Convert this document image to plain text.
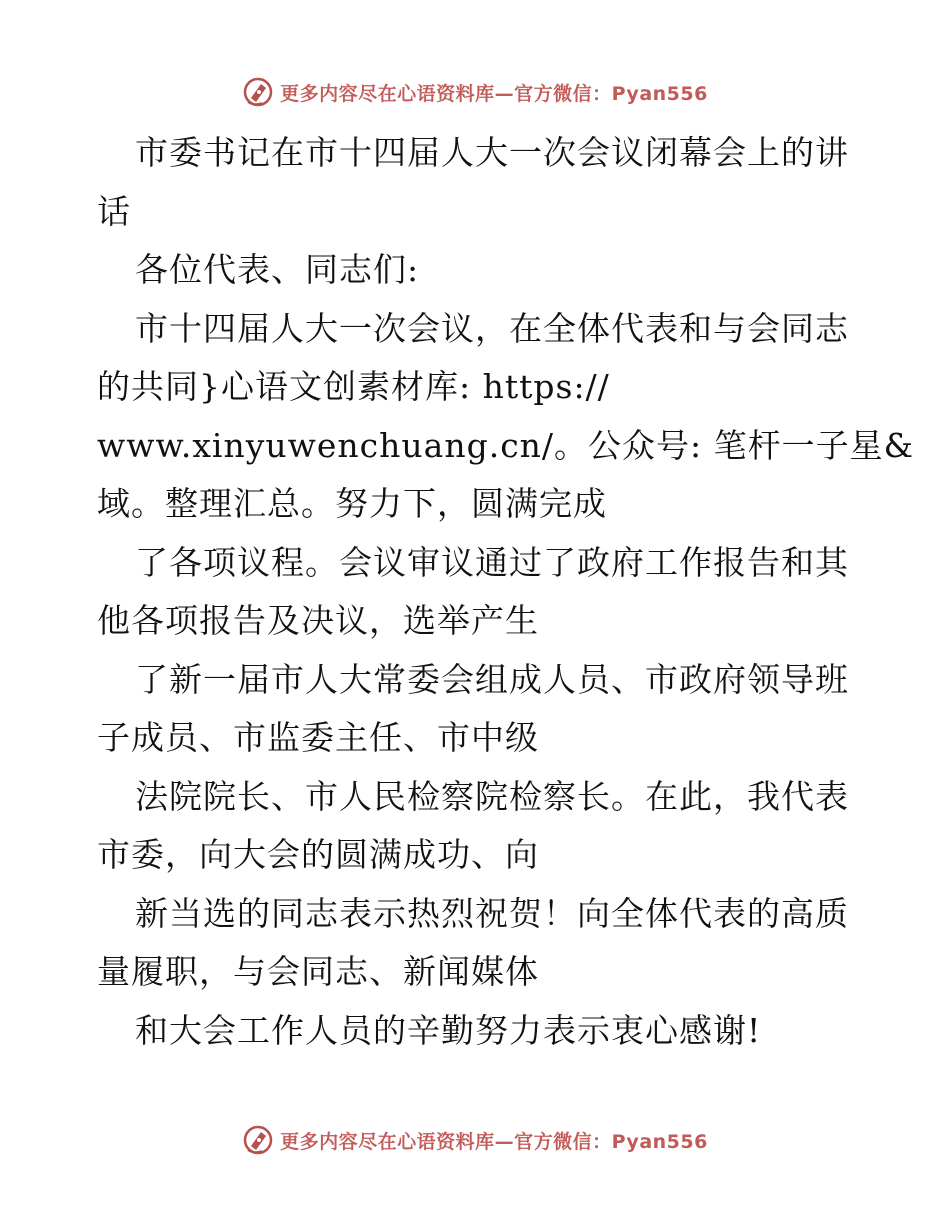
更多内容尽在心语资料库—官方微信：Pyan556
市委书记在市十四届人大一次会议闭幕会上的讲
话
各位代表、同志们:
市十四届人大一次会议，在全体代表和与会同志
的共同}心语文创素材库: https://
www.xinyuwenchuang.cn/。公众号: 笔杆一子星&
域。整理汇总。努力下，圆满完成
了各项议程。会议审议通过了政府工作报告和其
他各项报告及决议，选举产生
了新一届市人大常委会组成人员、市政府领导班
子成员、市监委主任、市中级
法院院长、市人民检察院检察长。在此，我代表
市委，向大会的圆满成功、向
新当选的同志表示热烈祝贺！向全体代表的高质
量履职，与会同志、新闻媒体
和大会工作人员的辛勤努力表示衷心感谢!
更多内容尽在心语资料库—官方微信：Pyan556
